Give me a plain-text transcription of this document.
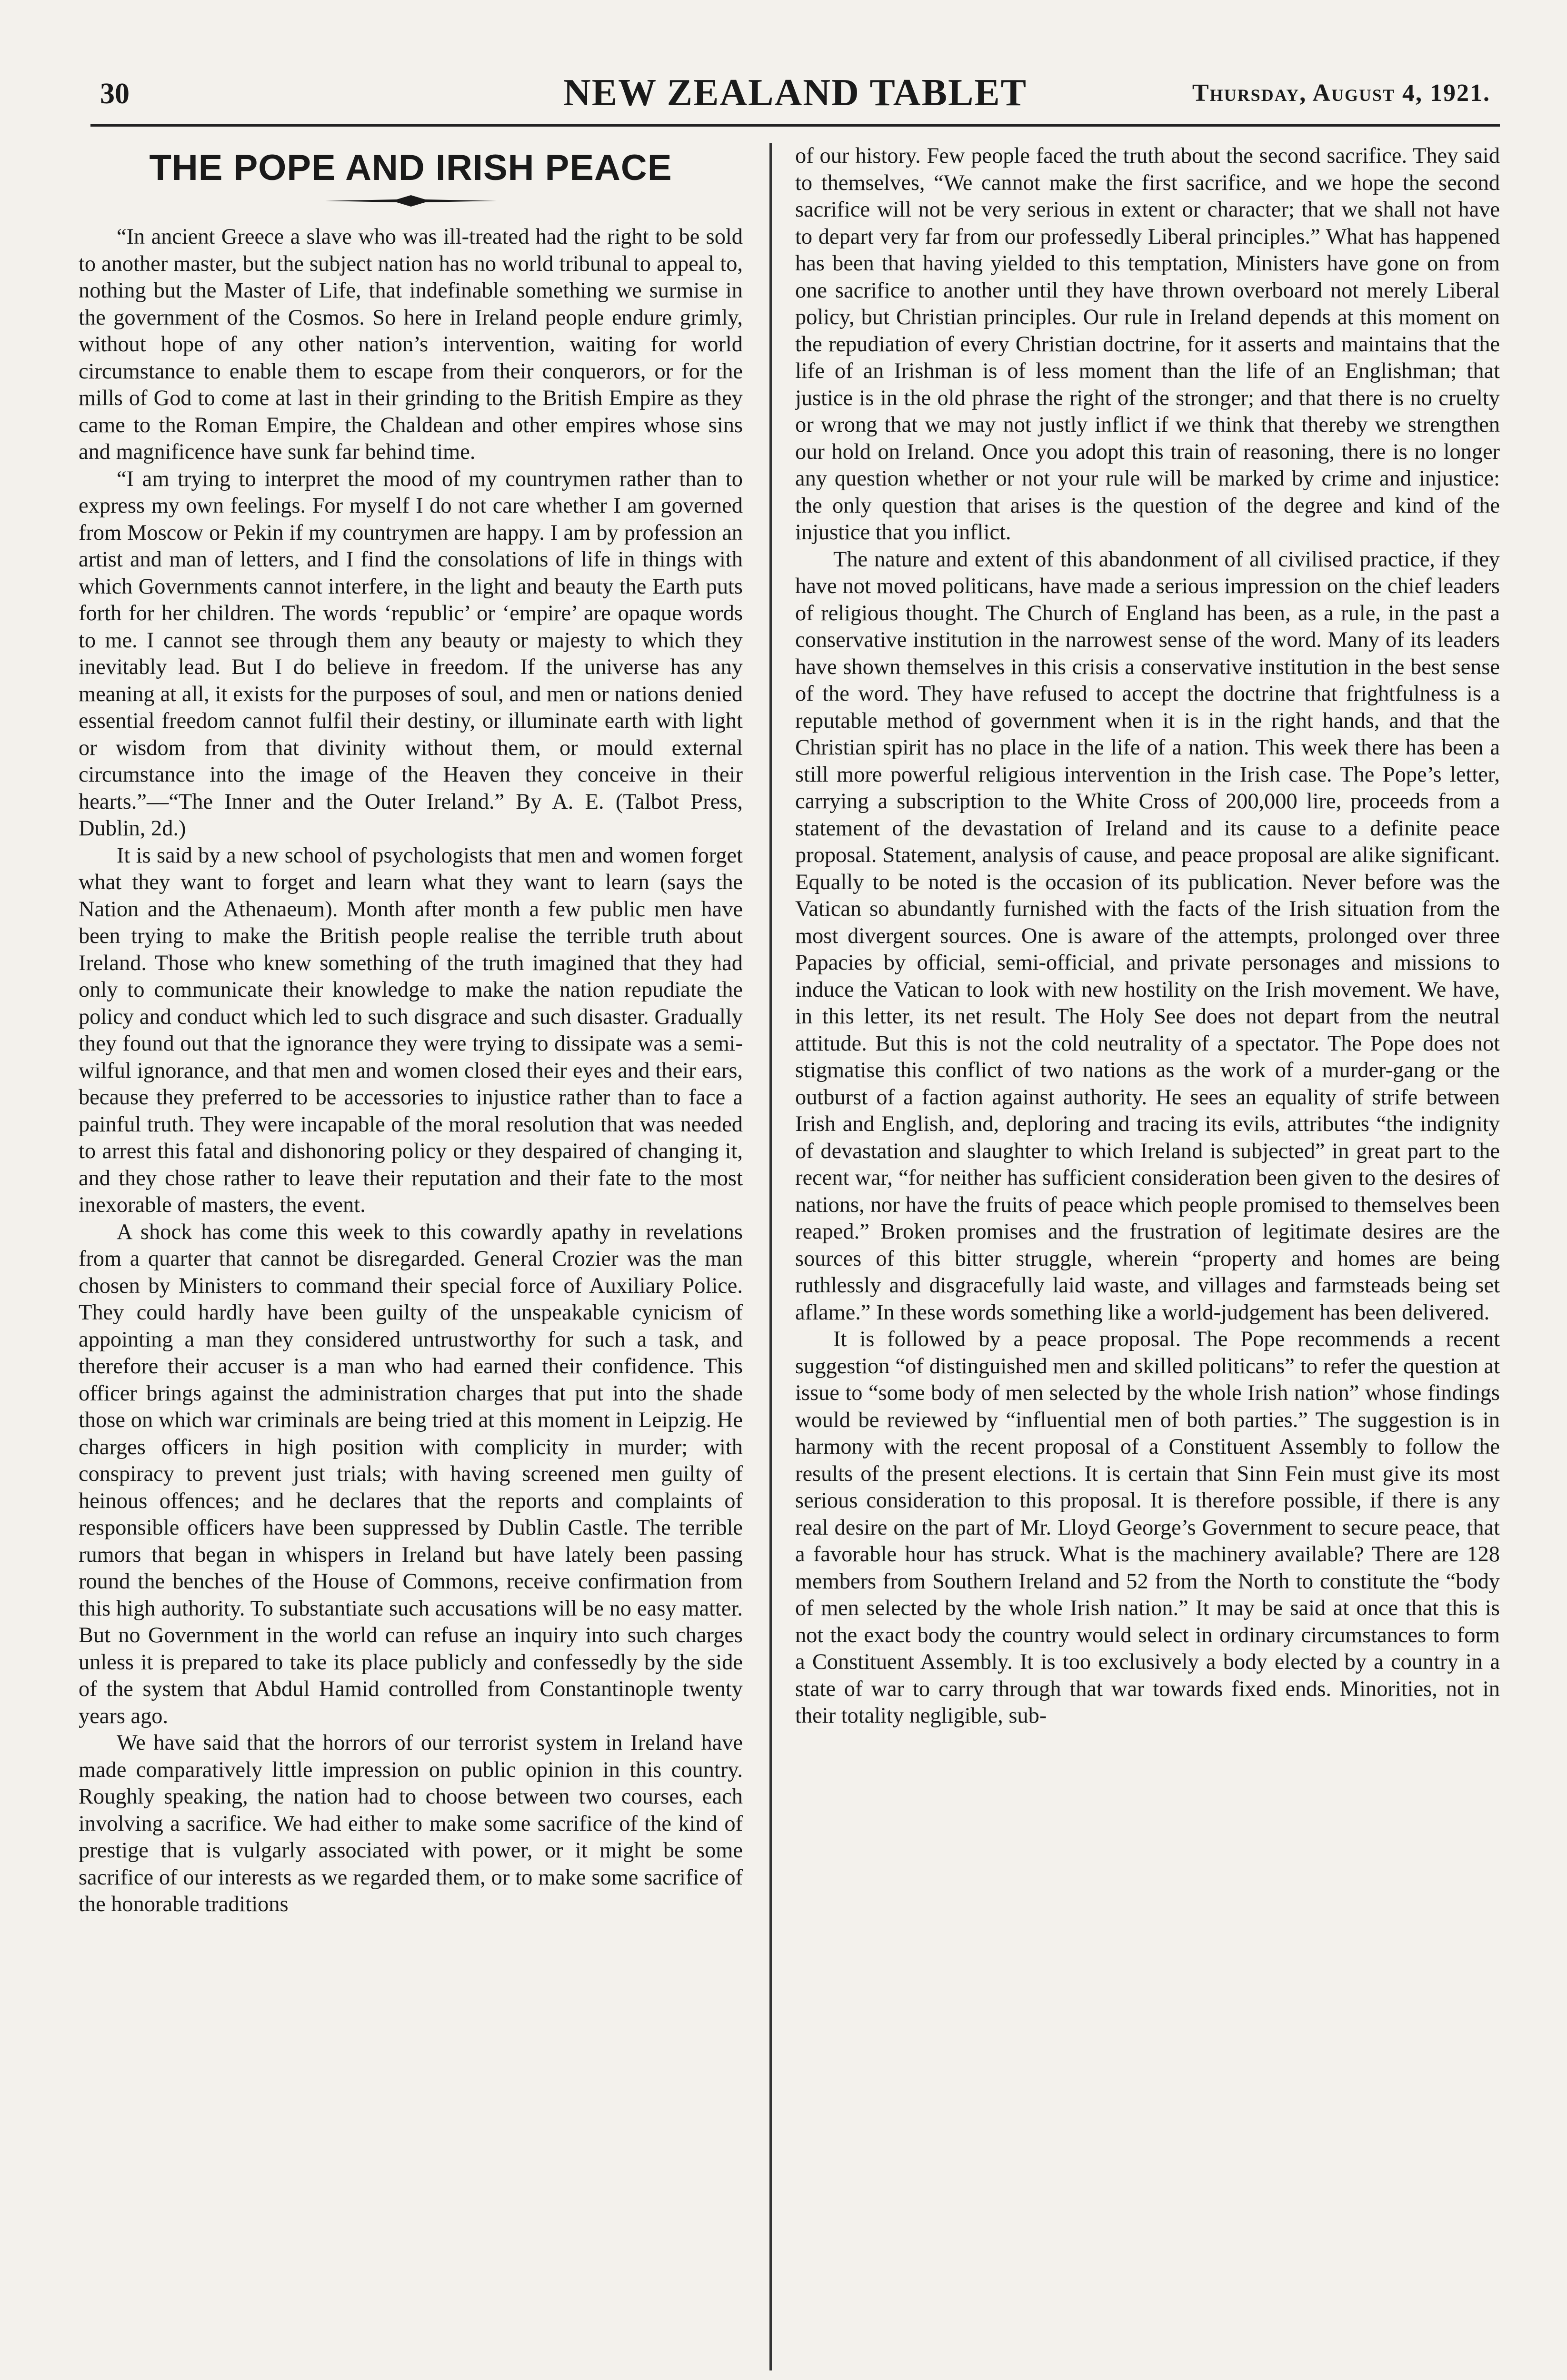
30	NEW ZEALAND TABLET	Thursday, August 4, 1921.
THE POPE AND IRISH PEACE

“In ancient Greece a slave who was ill-treated had the right to be sold to another master, but the subject nation has no world tribunal to appeal to, nothing but the Master of Life, that indefinable something we surmise in the government of the Cosmos. So here in Ireland people endure grimly, without hope of any other nation’s intervention, waiting for world circumstance to enable them to escape from their conquerors, or for the mills of God to come at last in their grinding to the British Empire as they came to the Roman Empire, the Chaldean and other empires whose sins and magnificence have sunk far behind time.

“I am trying to interpret the mood of my countrymen rather than to express my own feelings. For myself I do not care whether I am governed from Moscow or Pekin if my countrymen are happy. I am by profession an artist and man of letters, and I find the consolations of life in things with which Governments cannot interfere, in the light and beauty the Earth puts forth for her children. The words ‘republic’ or ‘empire’ are opaque words to me. I cannot see through them any beauty or majesty to which they inevitably lead. But I do believe in freedom. If the universe has any meaning at all, it exists for the purposes of soul, and men or nations denied essential freedom cannot fulfil their destiny, or illuminate earth with light or wisdom from that divinity without them, or mould external circumstance into the image of the Heaven they conceive in their hearts.”—“The Inner and the Outer Ireland.” By A. E. (Talbot Press, Dublin, 2d.)

It is said by a new school of psychologists that men and women forget what they want to forget and learn what they want to learn (says the Nation and the Athenaeum). Month after month a few public men have been trying to make the British people realise the terrible truth about Ireland. Those who knew something of the truth imagined that they had only to communicate their knowledge to make the nation repudiate the policy and conduct which led to such disgrace and such disaster. Gradually they found out that the ignorance they were trying to dissipate was a semi-wilful ignorance, and that men and women closed their eyes and their ears, because they preferred to be accessories to injustice rather than to face a painful truth. They were incapable of the moral resolution that was needed to arrest this fatal and dishonoring policy or they despaired of changing it, and they chose rather to leave their reputation and their fate to the most inexorable of masters, the event.

A shock has come this week to this cowardly apathy in revelations from a quarter that cannot be disregarded. General Crozier was the man chosen by Ministers to command their special force of Auxiliary Police. They could hardly have been guilty of the unspeakable cynicism of appointing a man they considered untrustworthy for such a task, and therefore their accuser is a man who had earned their confidence. This officer brings against the administration charges that put into the shade those on which war criminals are being tried at this moment in Leipzig. He charges officers in high position with complicity in murder; with conspiracy to prevent just trials; with having screened men guilty of heinous offences; and he declares that the reports and complaints of responsible officers have been suppressed by Dublin Castle. The terrible rumors that began in whispers in Ireland but have lately been passing round the benches of the House of Commons, receive confirmation from this high authority. To substantiate such accusations will be no easy matter. But no Government in the world can refuse an inquiry into such charges unless it is prepared to take its place publicly and confessedly by the side of the system that Abdul Hamid controlled from Constantinople twenty years ago.

We have said that the horrors of our terrorist system in Ireland have made comparatively little impression on public opinion in this country. Roughly speaking, the nation had to choose between two courses, each involving a sacrifice. We had either to make some sacrifice of the kind of prestige that is vulgarly associated with power, or it might be some sacrifice of our interests as we regarded them, or to make some sacrifice of the honorable traditions

of our history. Few people faced the truth about the second sacrifice. They said to themselves, “We cannot make the first sacrifice, and we hope the second sacrifice will not be very serious in extent or character; that we shall not have to depart very far from our professedly Liberal principles.” What has happened has been that having yielded to this temptation, Ministers have gone on from one sacrifice to another until they have thrown overboard not merely Liberal policy, but Christian principles. Our rule in Ireland depends at this moment on the repudiation of every Christian doctrine, for it asserts and maintains that the life of an Irishman is of less moment than the life of an Englishman; that justice is in the old phrase the right of the stronger; and that there is no cruelty or wrong that we may not justly inflict if we think that thereby we strengthen our hold on Ireland. Once you adopt this train of reasoning, there is no longer any question whether or not your rule will be marked by crime and injustice: the only question that arises is the question of the degree and kind of the injustice that you inflict.

The nature and extent of this abandonment of all civilised practice, if they have not moved politicans, have made a serious impression on the chief leaders of religious thought. The Church of England has been, as a rule, in the past a conservative institution in the narrowest sense of the word. Many of its leaders have shown themselves in this crisis a conservative institution in the best sense of the word. They have refused to accept the doctrine that frightfulness is a reputable method of government when it is in the right hands, and that the Christian spirit has no place in the life of a nation. This week there has been a still more powerful religious intervention in the Irish case. The Pope’s letter, carrying a subscription to the White Cross of 200,000 lire, proceeds from a statement of the devastation of Ireland and its cause to a definite peace proposal. Statement, analysis of cause, and peace proposal are alike significant. Equally to be noted is the occasion of its publication. Never before was the Vatican so abundantly furnished with the facts of the Irish situation from the most divergent sources. One is aware of the attempts, prolonged over three Papacies by official, semi-official, and private personages and missions to induce the Vatican to look with new hostility on the Irish movement. We have, in this letter, its net result. The Holy See does not depart from the neutral attitude. But this is not the cold neutrality of a spectator. The Pope does not stigmatise this conflict of two nations as the work of a murder-gang or the outburst of a faction against authority. He sees an equality of strife between Irish and English, and, deploring and tracing its evils, attributes “the indignity of devastation and slaughter to which Ireland is subjected” in great part to the recent war, “for neither has sufficient consideration been given to the desires of nations, nor have the fruits of peace which people promised to themselves been reaped.” Broken promises and the frustration of legitimate desires are the sources of this bitter struggle, wherein “property and homes are being ruthlessly and disgracefully laid waste, and villages and farmsteads being set aflame.” In these words something like a world-judgement has been delivered.

It is followed by a peace proposal. The Pope recommends a recent suggestion “of distinguished men and skilled politicans” to refer the question at issue to “some body of men selected by the whole Irish nation” whose findings would be reviewed by “influential men of both parties.” The suggestion is in harmony with the recent proposal of a Constituent Assembly to follow the results of the present elections. It is certain that Sinn Fein must give its most serious consideration to this proposal. It is therefore possible, if there is any real desire on the part of Mr. Lloyd George’s Government to secure peace, that a favorable hour has struck. What is the machinery available? There are 128 members from Southern Ireland and 52 from the North to constitute the “body of men selected by the whole Irish nation.” It may be said at once that this is not the exact body the country would select in ordinary circumstances to form a Constituent Assembly. It is too exclusively a body elected by a country in a state of war to carry through that war towards fixed ends. Minorities, not in their totality negligible, sub-
